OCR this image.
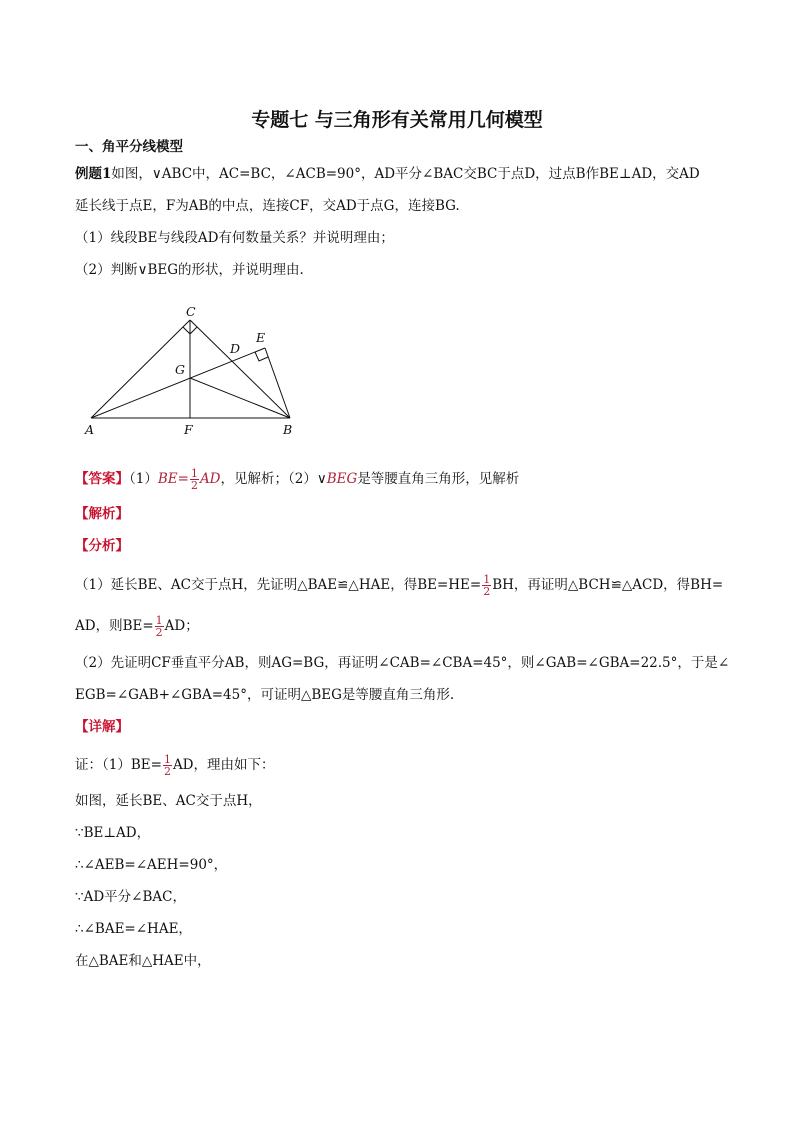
专题七 与三角形有关常用几何模型
一、角平分线模型
例题1如图，∨ABC中，AC=BC，∠ACB=90°，AD平分∠BAC交BC于点D，过点B作BE⊥AD，交AD
延长线于点E，F为AB的中点，连接CF，交AD于点G，连接BG.
（1）线段BE与线段AD有何数量关系？并说明理由；
（2）判断∨BEG的形状，并说明理由.
C
E
D
G
A	F	B
【答案】$(1)BE= \frac{1}{2}$ AD，见解析；（2）∨BEG是等腰直角三角形，见解析
【解析】
【分析】
（1）延长BE、AC交于点H，先证明△BAE≌△HAE，得$BE=HE= \frac{1}{2}$ BH，再证明△BCH≌△ACD，得BH=
AD，则$BE= \frac{1}{2}$ AD；
（2）先证明CF垂直平分AB，则AG=BG，再证明∠CAB=∠CBA=45°，则∠GAB=∠GBA=22.5°，于是∠
EGB=∠GAB+∠GBA=45°，可证明△BEG是等腰直角三角形.
【详解】
证：$(1)BE= \frac{1}{2}$ AD，理由如下：
如图，延长BE、AC交于点H，
∵BE⊥AD，
∴∠AEB=∠AEH=90°，
∵AD平分∠BAC，
∴∠BAE=∠HAE，
在△BAE和△HAE中，
